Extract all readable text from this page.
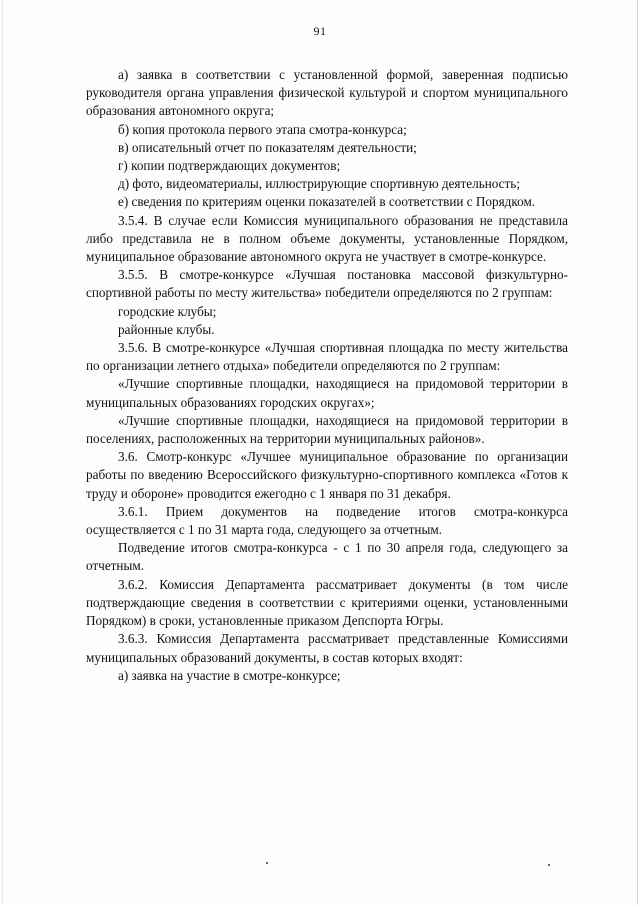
91

а) заявка в соответствии с установленной формой, заверенная подписью руководителя органа управления физической культурой и спортом муниципального образования автономного округа;

б) копия протокола первого этапа смотра-конкурса;

в) описательный отчет по показателям деятельности;

г) копии подтверждающих документов;

д) фото, видеоматериалы, иллюстрирующие спортивную деятельность;

е) сведения по критериям оценки показателей в соответствии с Порядком.

3.5.4. В случае если Комиссия муниципального образования не представила либо представила не в полном объеме документы, установленные Порядком, муниципальное образование автономного округа не участвует в смотре-конкурсе.

3.5.5. В смотре-конкурсе «Лучшая постановка массовой физкультурно-спортивной работы по месту жительства» победители определяются по 2 группам:

городские клубы;

районные клубы.

3.5.6. В смотре-конкурсе «Лучшая спортивная площадка по месту жительства по организации летнего отдыха» победители определяются по 2 группам:

«Лучшие спортивные площадки, находящиеся на придомовой территории в муниципальных образованиях городских округах»;

«Лучшие спортивные площадки, находящиеся на придомовой территории в поселениях, расположенных на территории муниципальных районов».

3.6. Смотр-конкурс «Лучшее муниципальное образование по организации работы по введению Всероссийского физкультурно-спортивного комплекса «Готов к труду и обороне» проводится ежегодно с 1 января по 31 декабря.

3.6.1. Прием документов на подведение итогов смотра-конкурса осуществляется с 1 по 31 марта года, следующего за отчетным.

Подведение итогов смотра-конкурса - с 1 по 30 апреля года, следующего за отчетным.

3.6.2. Комиссия Департамента рассматривает документы (в том числе подтверждающие сведения в соответствии с критериями оценки, установленными Порядком) в сроки, установленные приказом Депспорта Югры.

3.6.3. Комиссия Департамента рассматривает представленные Комиссиями муниципальных образований документы, в состав которых входят:

а) заявка на участие в смотре-конкурсе;
